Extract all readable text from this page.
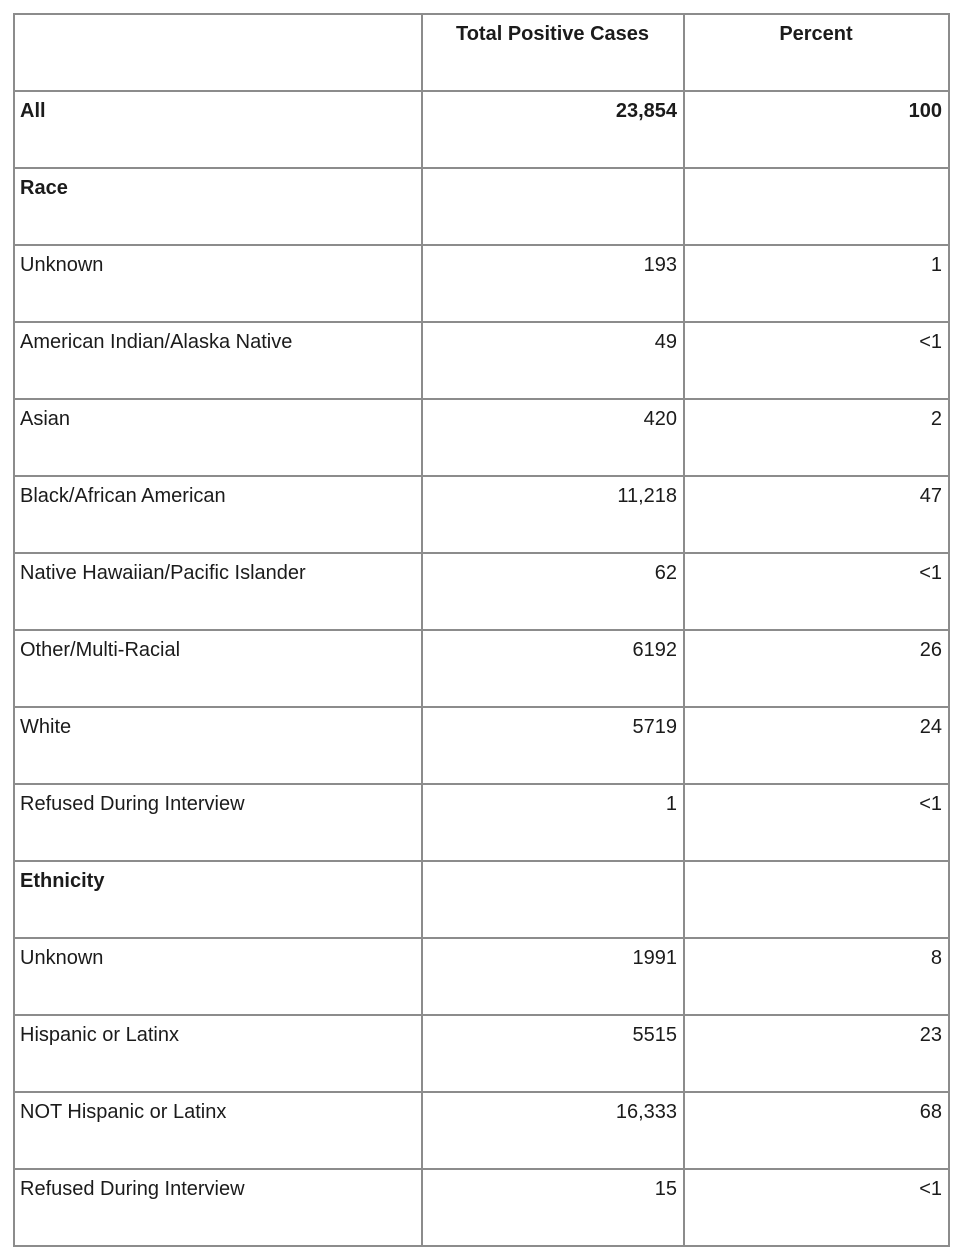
	Total Positive Cases	Percent
All	23,854	100
Race		
Unknown	193	1
American Indian/Alaska Native	49	<1
Asian	420	2
Black/African American	11,218	47
Native Hawaiian/Pacific Islander	62	<1
Other/Multi-Racial	6192	26
White	5719	24
Refused During Interview	1	<1
Ethnicity		
Unknown	1991	8
Hispanic or Latinx	5515	23
NOT Hispanic or Latinx	16,333	68
Refused During Interview	15	<1
